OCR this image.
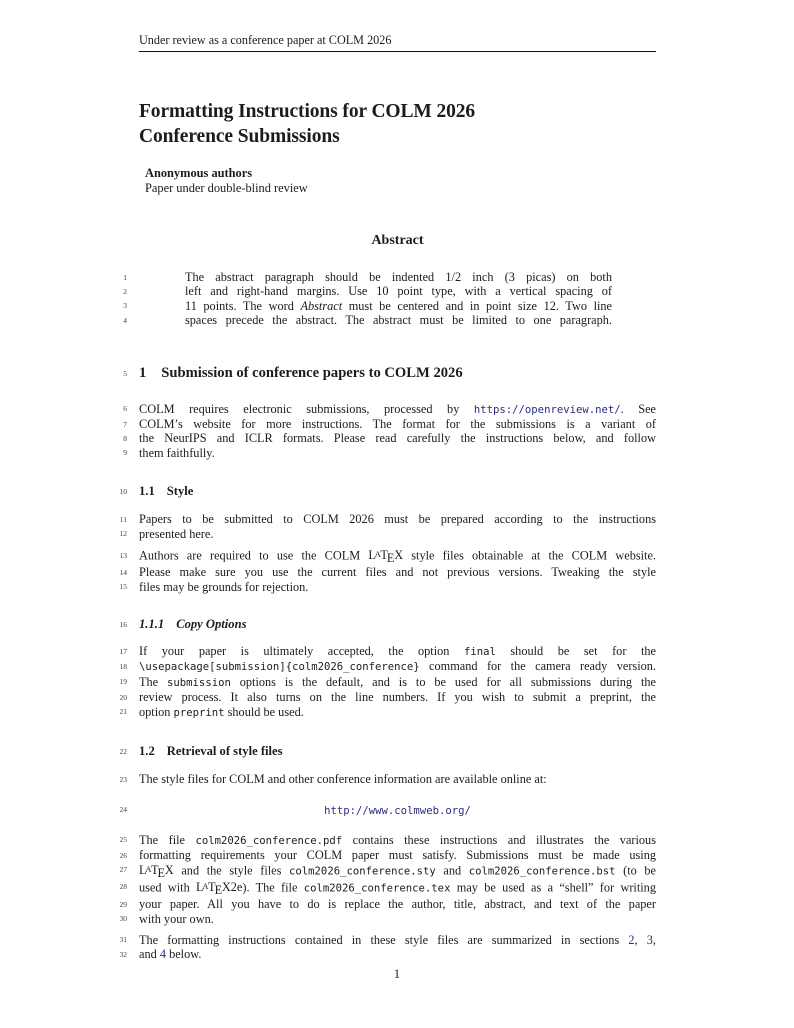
Under review as a conference paper at COLM 2026
Formatting Instructions for COLM 2026
Conference Submissions
Anonymous authors
Paper under double-blind review
Abstract
1	The abstract paragraph should be indented 1/2 inch (3 picas) on both
2	left and right-hand margins. Use 10 point type, with a vertical spacing of
3	11 points. The word Abstract must be centered and in point size 12. Two line
4	spaces precede the abstract. The abstract must be limited to one paragraph.
5 1 Submission of conference papers to COLM 2026
6 COLM requires electronic submissions, processed by https://openreview.net/. See
7 COLM’s website for more instructions. The format for the submissions is a variant of
8 the NeurIPS and ICLR formats. Please read carefully the instructions below, and follow
9 them faithfully.
10 1.1 Style
11 Papers to be submitted to COLM 2026 must be prepared according to the instructions
12 presented here.
13 Authors are required to use the COLM LATEX style files obtainable at the COLM website.
14 Please make sure you use the current files and not previous versions. Tweaking the style
15 files may be grounds for rejection.
16 1.1.1 Copy Options
17 If your paper is ultimately accepted, the option final should be set for the
18 \usepackage[submission]{colm2026_conference} command for the camera ready version.
19 The submission options is the default, and is to be used for all submissions during the
20 review process. It also turns on the line numbers. If you wish to submit a preprint, the
21 option preprint should be used.
22 1.2 Retrieval of style files
23 The style files for COLM and other conference information are available online at:
24	http://www.colmweb.org/
25 The file colm2026_conference.pdf contains these instructions and illustrates the various
26 formatting requirements your COLM paper must satisfy. Submissions must be made using
27 LATEX and the style files colm2026_conference.sty and colm2026_conference.bst (to be
28 used with LATEX2e). The file colm2026_conference.tex may be used as a “shell” for writing
29 your paper. All you have to do is replace the author, title, abstract, and text of the paper
30 with your own.
31 The formatting instructions contained in these style files are summarized in sections 2, 3,
32 and 4 below.
1
